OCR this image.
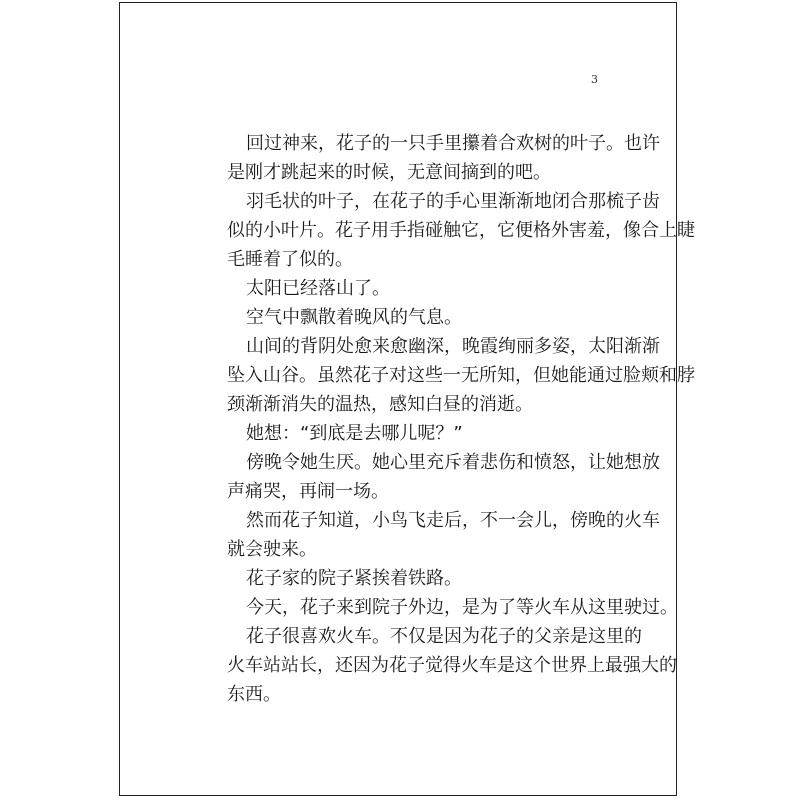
3
回过神来，花子的一只手里攥着合欢树的叶子。也许
是刚才跳起来的时候，无意间摘到的吧。
羽毛状的叶子，在花子的手心里渐渐地闭合那梳子齿
似的小叶片。花子用手指碰触它，它便格外害羞，像合上睫
毛睡着了似的。
太阳已经落山了。
空气中飘散着晚风的气息。
山间的背阴处愈来愈幽深，晚霞绚丽多姿，太阳渐渐
坠入山谷。虽然花子对这些一无所知，但她能通过脸颊和脖
颈渐渐消失的温热，感知白昼的消逝。
她想：“到底是去哪儿呢？”
傍晚令她生厌。她心里充斥着悲伤和愤怒，让她想放
声痛哭，再闹一场。
然而花子知道，小鸟飞走后，不一会儿，傍晚的火车
就会驶来。
花子家的院子紧挨着铁路。
今天，花子来到院子外边，是为了等火车从这里驶过。
花子很喜欢火车。不仅是因为花子的父亲是这里的
火车站站长，还因为花子觉得火车是这个世界上最强大的
东西。
